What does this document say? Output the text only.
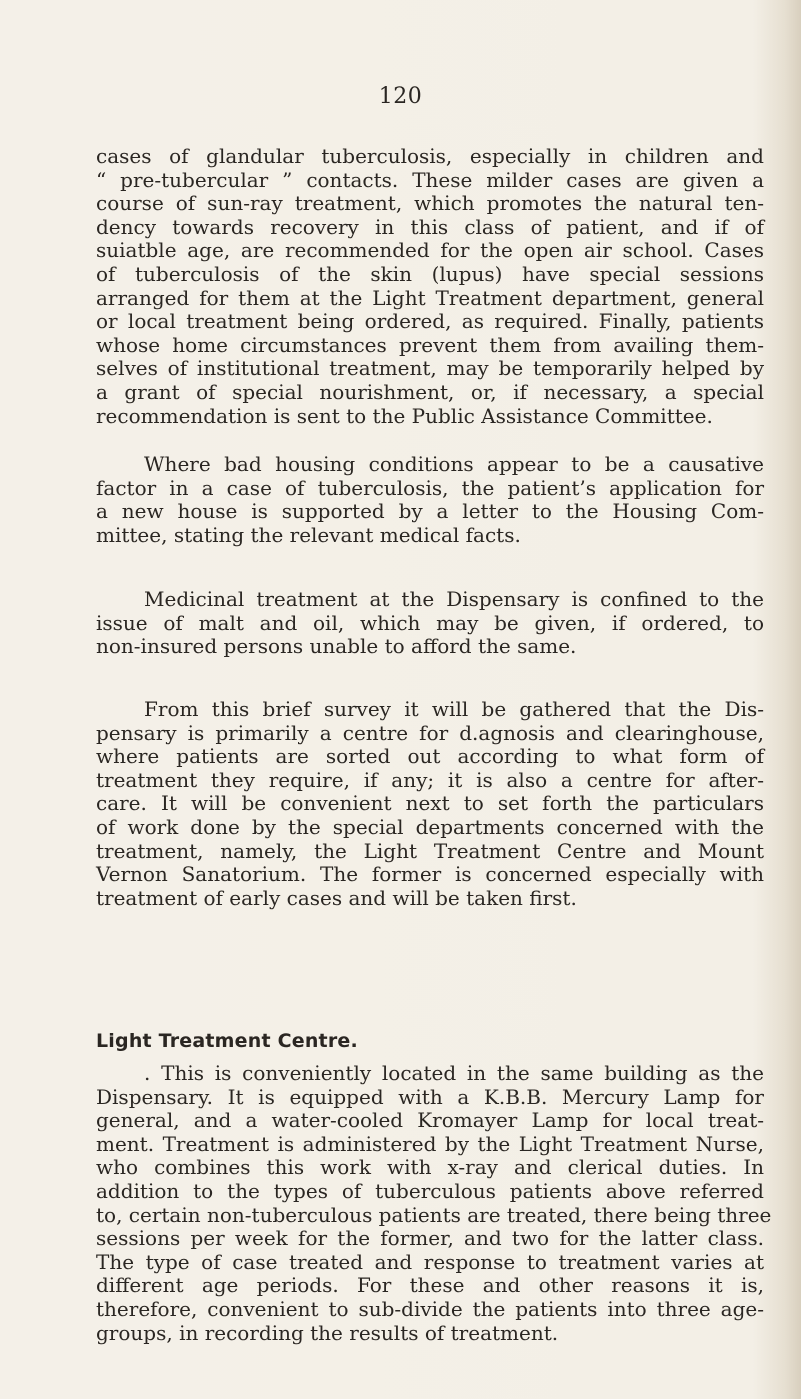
120
cases of glandular tuberculosis, especially in children and
“ pre-tubercular ” contacts. These milder cases are given a
course of sun-ray treatment, which promotes the natural ten-
dency towards recovery in this class of patient, and if of
suiatble age, are recommended for the open air school. Cases
of tuberculosis of the skin (lupus) have special sessions
arranged for them at the Light Treatment department, general
or local treatment being ordered, as required. Finally, patients
whose home circumstances prevent them from availing them-
selves of institutional treatment, may be temporarily helped by
a grant of special nourishment, or, if necessary, a special
recommendation is sent to the Public Assistance Committee.
Where bad housing conditions appear to be a causative
factor in a case of tuberculosis, the patient’s application for
a new house is supported by a letter to the Housing Com-
mittee, stating the relevant medical facts.
Medicinal treatment at the Dispensary is confined to the
issue of malt and oil, which may be given, if ordered, to
non-insured persons unable to afford the same.
From this brief survey it will be gathered that the Dis-
pensary is primarily a centre for d.agnosis and clearinghouse,
where patients are sorted out according to what form of
treatment they require, if any; it is also a centre for after-
care. It will be convenient next to set forth the particulars
of work done by the special departments concerned with the
treatment, namely, the Light Treatment Centre and Mount
Vernon Sanatorium. The former is concerned especially with
treatment of early cases and will be taken first.
Light Treatment Centre.
. This is conveniently located in the same building as the
Dispensary. It is equipped with a K.B.B. Mercury Lamp for
general, and a water-cooled Kromayer Lamp for local treat-
ment. Treatment is administered by the Light Treatment Nurse,
who combines this work with x-ray and clerical duties. In
addition to the types of tuberculous patients above referred
to, certain non-tuberculous patients are treated, there being three
sessions per week for the former, and two for the latter class.
The type of case treated and response to treatment varies at
different age periods. For these and other reasons it is,
therefore, convenient to sub-divide the patients into three age-
groups, in recording the results of treatment.
